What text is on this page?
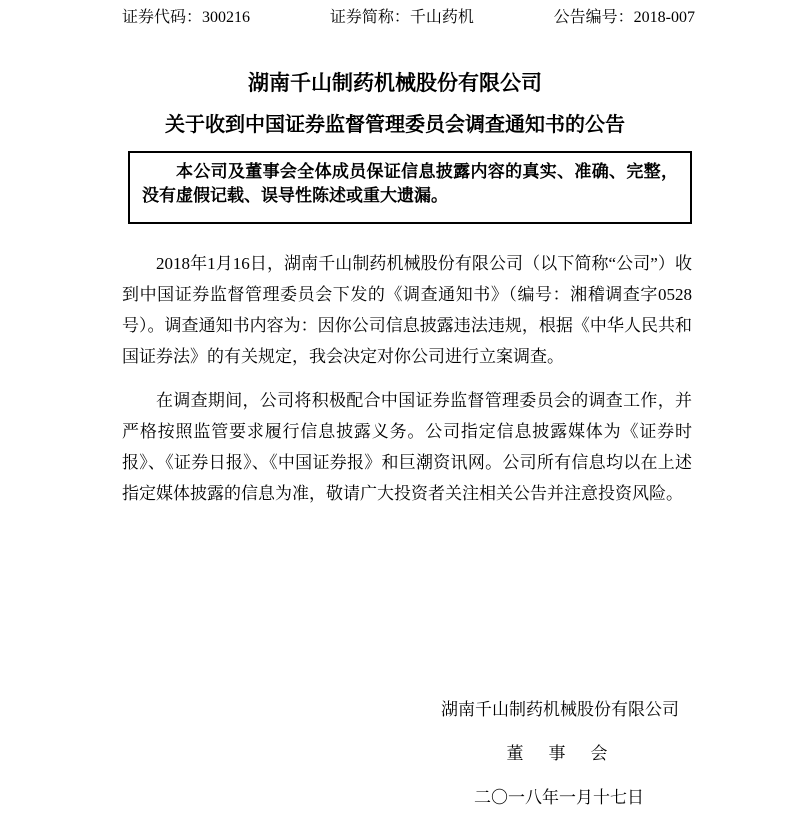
证券代码：300216	证券简称：千山药机	公告编号：2018-007
湖南千山制药机械股份有限公司
关于收到中国证券监督管理委员会调查通知书的公告

本公司及董事会全体成员保证信息披露内容的真实、准确、完整，没有虚假记载、误导性陈述或重大遗漏。

2018年1月16日，湖南千山制药机械股份有限公司（以下简称“公司”）收到中国证券监督管理委员会下发的《调查通知书》（编号：湘稽调查字0528号）。调查通知书内容为：因你公司信息披露违法违规，根据《中华人民共和国证券法》的有关规定，我会决定对你公司进行立案调查。

在调查期间，公司将积极配合中国证券监督管理委员会的调查工作，并严格按照监管要求履行信息披露义务。公司指定信息披露媒体为《证券时报》、《证券日报》、《中国证券报》和巨潮资讯网。公司所有信息均以在上述指定媒体披露的信息为准，敬请广大投资者关注相关公告并注意投资风险。

湖南千山制药机械股份有限公司
董　事　会
二〇一八年一月十七日
